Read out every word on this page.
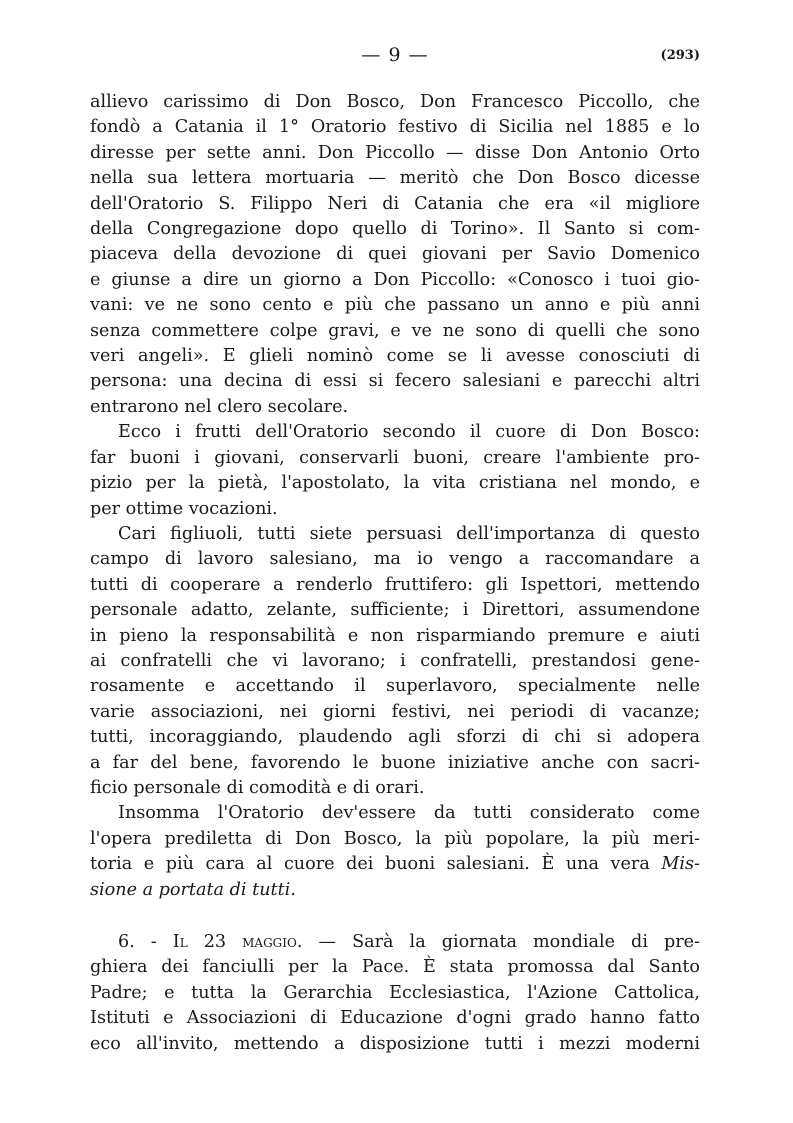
— 9 —	(293)
allievo carissimo di Don Bosco, Don Francesco Piccollo, che
fondò a Catania il 1° Oratorio festivo di Sicilia nel 1885 e lo
diresse per sette anni. Don Piccollo — disse Don Antonio Orto
nella sua lettera mortuaria — meritò che Don Bosco dicesse
dell'Oratorio S. Filippo Neri di Catania che era «il migliore
della Congregazione dopo quello di Torino». Il Santo si com-
piaceva della devozione di quei giovani per Savio Domenico
e giunse a dire un giorno a Don Piccollo: «Conosco i tuoi gio-
vani: ve ne sono cento e più che passano un anno e più anni
senza commettere colpe gravi, e ve ne sono di quelli che sono
veri angeli». E glieli nominò come se li avesse conosciuti di
persona: una decina di essi si fecero salesiani e parecchi altri
entrarono nel clero secolare.
Ecco i frutti dell'Oratorio secondo il cuore di Don Bosco:
far buoni i giovani, conservarli buoni, creare l'ambiente pro-
pizio per la pietà, l'apostolato, la vita cristiana nel mondo, e
per ottime vocazioni.
Cari figliuoli, tutti siete persuasi dell'importanza di questo
campo di lavoro salesiano, ma io vengo a raccomandare a
tutti di cooperare a renderlo fruttifero: gli Ispettori, mettendo
personale adatto, zelante, sufficiente; i Direttori, assumendone
in pieno la responsabilità e non risparmiando premure e aiuti
ai confratelli che vi lavorano; i confratelli, prestandosi gene-
rosamente e accettando il superlavoro, specialmente nelle
varie associazioni, nei giorni festivi, nei periodi di vacanze;
tutti, incoraggiando, plaudendo agli sforzi di chi si adopera
a far del bene, favorendo le buone iniziative anche con sacri-
ficio personale di comodità e di orari.
Insomma l'Oratorio dev'essere da tutti considerato come
l'opera prediletta di Don Bosco, la più popolare, la più meri-
toria e più cara al cuore dei buoni salesiani. È una vera Mis-
sione a portata di tutti.
6. - Il 23 maggio. — Sarà la giornata mondiale di pre-
ghiera dei fanciulli per la Pace. È stata promossa dal Santo
Padre; e tutta la Gerarchia Ecclesiastica, l'Azione Cattolica,
Istituti e Associazioni di Educazione d'ogni grado hanno fatto
eco all'invito, mettendo a disposizione tutti i mezzi moderni
